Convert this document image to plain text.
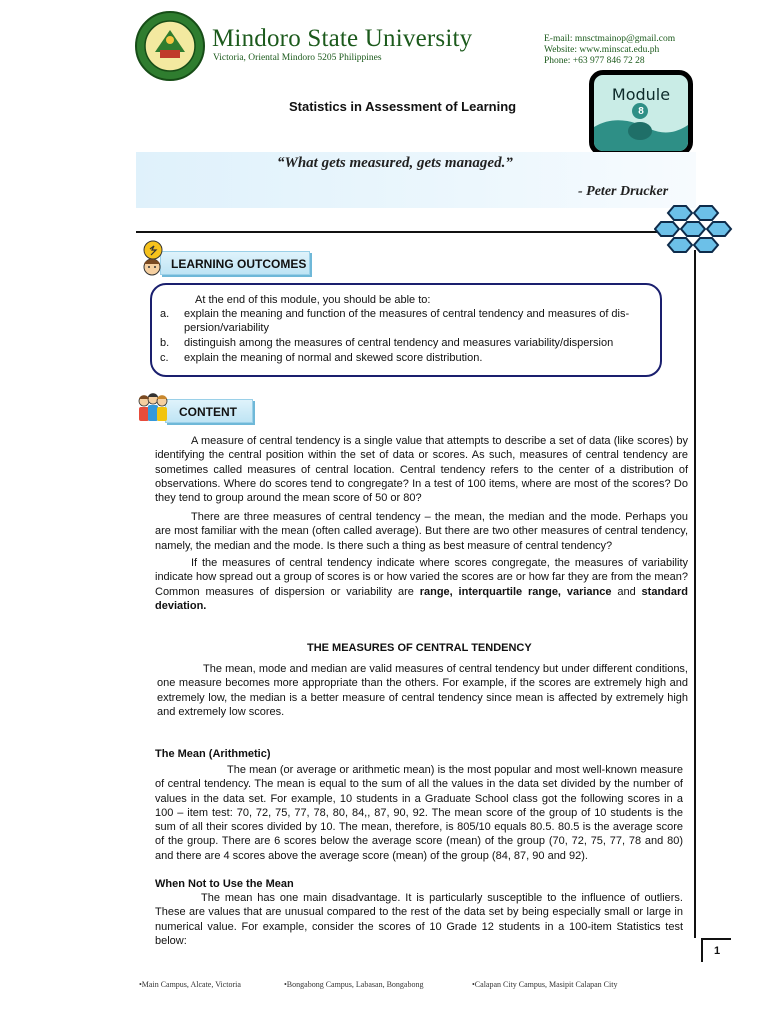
Mindoro State University
Victoria, Oriental Mindoro 5205 Philippines
E-mail: mnsctmainop@gmail.com
Website: www.minscat.edu.ph
Phone: +63 977 846 72 28
Module
8
Statistics in Assessment of Learning
“What gets measured, gets managed.”
- Peter Drucker
LEARNING OUTCOMES
At the end of this module, you should be able to:
a. explain the meaning and function of the measures of central tendency and measures of dis-persion/variability
b. distinguish among the measures of central tendency and measures variability/dispersion
c. explain the meaning of normal and skewed score distribution.
CONTENT
A measure of central tendency is a single value that attempts to describe a set of data (like scores) by identifying the central position within the set of data or scores. As such, measures of central tendency are sometimes called measures of central location. Central tendency refers to the center of a distribution of observations. Where do scores tend to congregate? In a test of 100 items, where are most of the scores? Do they tend to group around the mean score of 50 or 80?
There are three measures of central tendency – the mean, the median and the mode. Perhaps you are most familiar with the mean (often called average). But there are two other measures of central tendency, namely, the median and the mode. Is there such a thing as best measure of central tendency?
If the measures of central tendency indicate where scores congregate, the measures of variability indicate how spread out a group of scores is or how varied the scores are or how far they are from the mean? Common measures of dispersion or variability are range, interquartile range, variance and standard deviation.
THE MEASURES OF CENTRAL TENDENCY
The mean, mode and median are valid measures of central tendency but under different conditions, one measure becomes more appropriate than the others. For example, if the scores are extremely high and extremely low, the median is a better measure of central tendency since mean is affected by extremely high and extremely low scores.
The Mean (Arithmetic)
The mean (or average or arithmetic mean) is the most popular and most well-known measure of central tendency. The mean is equal to the sum of all the values in the data set divided by the number of values in the data set. For example, 10 students in a Graduate School class got the following scores in a 100 – item test: 70, 72, 75, 77, 78, 80, 84,, 87, 90, 92. The mean score of the group of 10 students is the sum of all their scores divided by 10. The mean, therefore, is 805/10 equals 80.5. 80.5 is the average score of the group. There are 6 scores below the average score (mean) of the group (70, 72, 75, 77, 78 and 80) and there are 4 scores above the average score (mean) of the group (84, 87, 90 and 92).
When Not to Use the Mean
The mean has one main disadvantage. It is particularly susceptible to the influence of outliers. These are values that are unusual compared to the rest of the data set by being especially small or large in numerical value. For example, consider the scores of 10 Grade 12 students in a 100-item Statistics test below:
1
•Main Campus, Alcate, Victoria	•Bongabong Campus, Labasan, Bongabong	•Calapan City Campus, Masipit Calapan City
